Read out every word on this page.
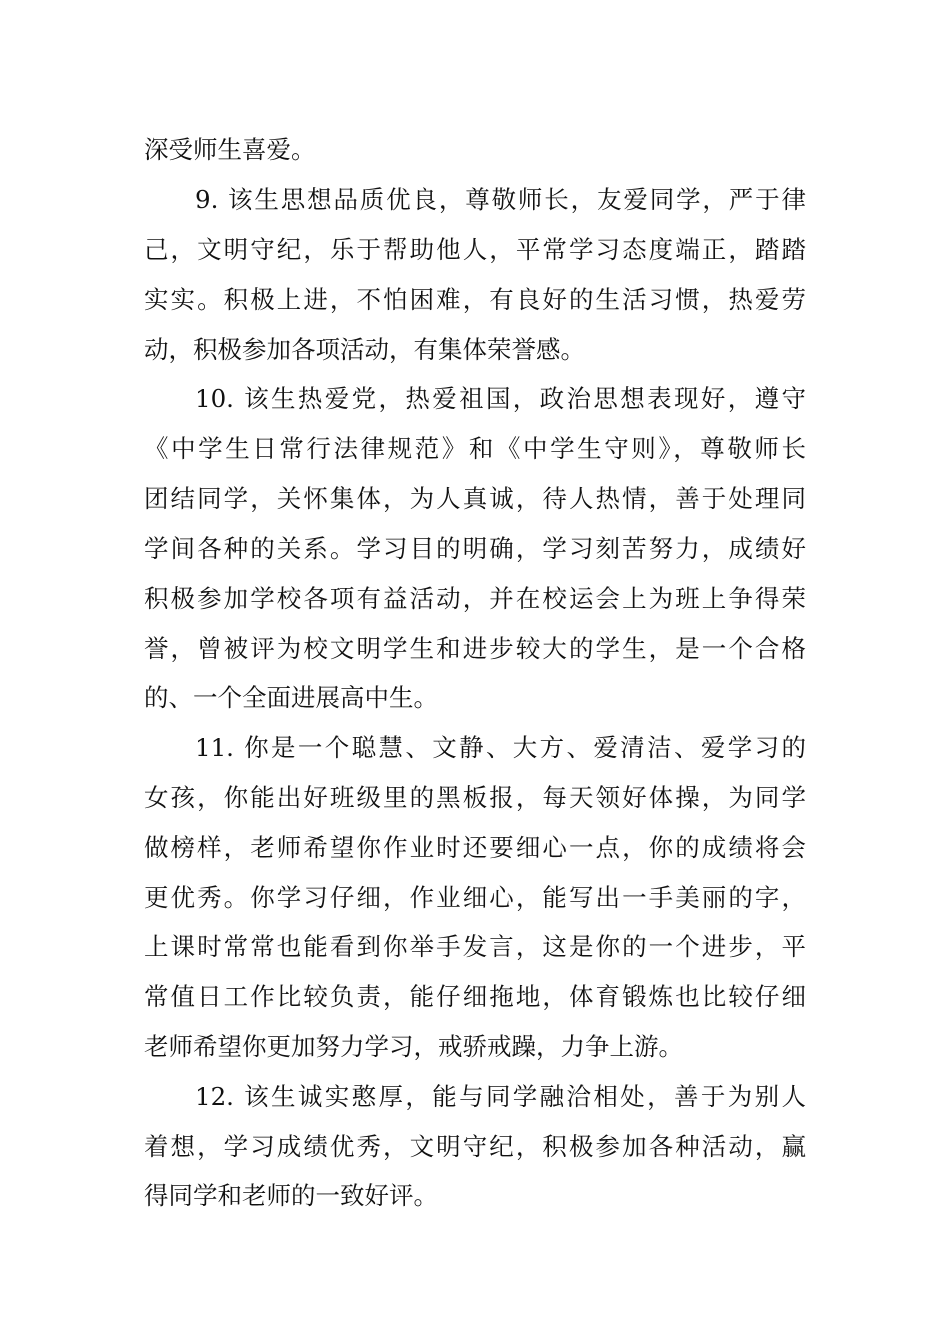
深受师生喜爱。
9. 该生思想品质优良，尊敬师长，友爱同学，严于律
己，文明守纪，乐于帮助他人，平常学习态度端正，踏踏
实实。积极上进，不怕困难，有良好的生活习惯，热爱劳
动，积极参加各项活动，有集体荣誉感。
10. 该生热爱党，热爱祖国，政治思想表现好，遵守
《中学生日常行法律规范》和《中学生守则》，尊敬师长
团结同学，关怀集体，为人真诚，待人热情，善于处理同
学间各种的关系。学习目的明确，学习刻苦努力，成绩好
积极参加学校各项有益活动，并在校运会上为班上争得荣
誉，曾被评为校文明学生和进步较大的学生，是一个合格
的、一个全面进展高中生。
11. 你是一个聪慧、文静、大方、爱清洁、爱学习的
女孩，你能出好班级里的黑板报，每天领好体操，为同学
做榜样，老师希望你作业时还要细心一点，你的成绩将会
更优秀。你学习仔细，作业细心，能写出一手美丽的字，
上课时常常也能看到你举手发言，这是你的一个进步，平
常值日工作比较负责，能仔细拖地，体育锻炼也比较仔细
老师希望你更加努力学习，戒骄戒躁，力争上游。
12. 该生诚实憨厚，能与同学融洽相处，善于为别人
着想，学习成绩优秀，文明守纪，积极参加各种活动，赢
得同学和老师的一致好评。
